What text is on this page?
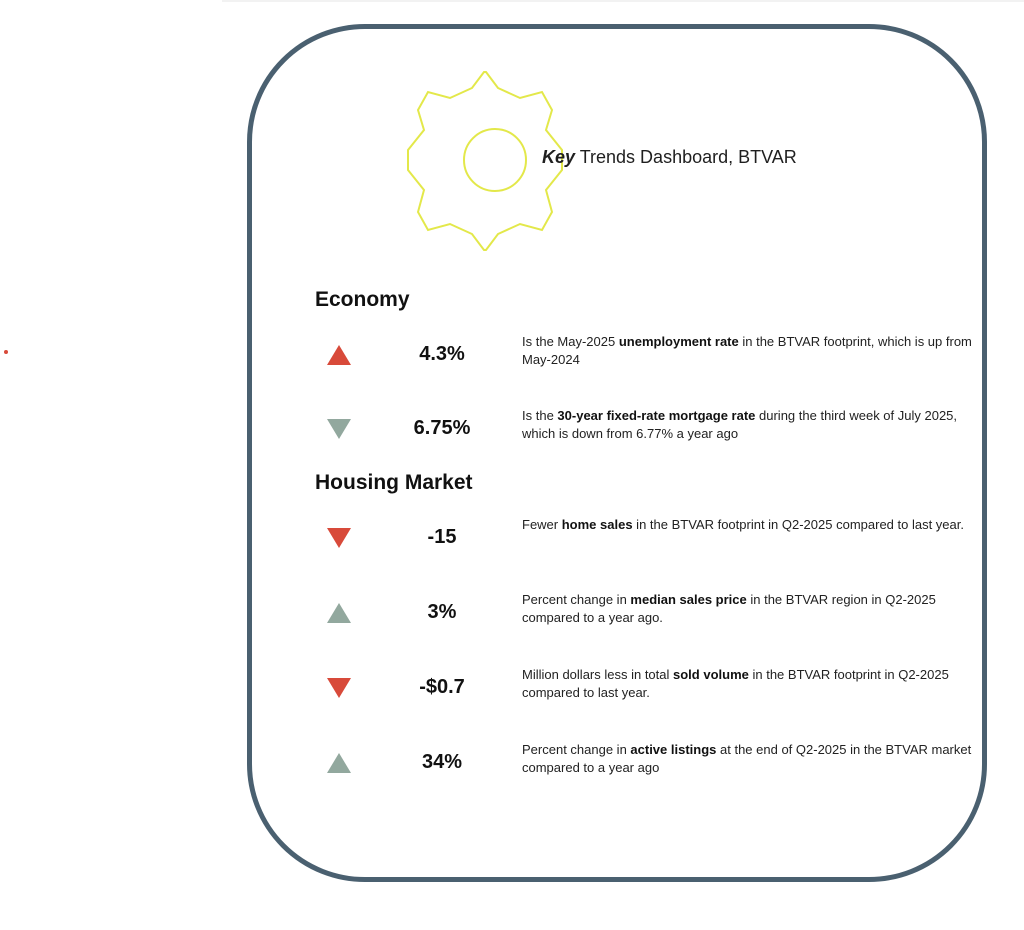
Key Trends Dashboard, BTVAR
Economy
4.3%
Is the May-2025 unemployment rate in the BTVAR footprint, which is up from May-2024
6.75%
Is the 30-year fixed-rate mortgage rate during the third week of July 2025, which is down from 6.77% a year ago
Housing Market
-15
Fewer home sales in the BTVAR footprint in Q2-2025 compared to last year.
3%
Percent change in median sales price in the BTVAR region in Q2-2025 compared to a year ago.
-$0.7
Million dollars less in total sold volume in the BTVAR footprint in Q2-2025 compared to last year.
34%
Percent change in active listings at the end of Q2-2025 in the BTVAR market compared to a year ago
